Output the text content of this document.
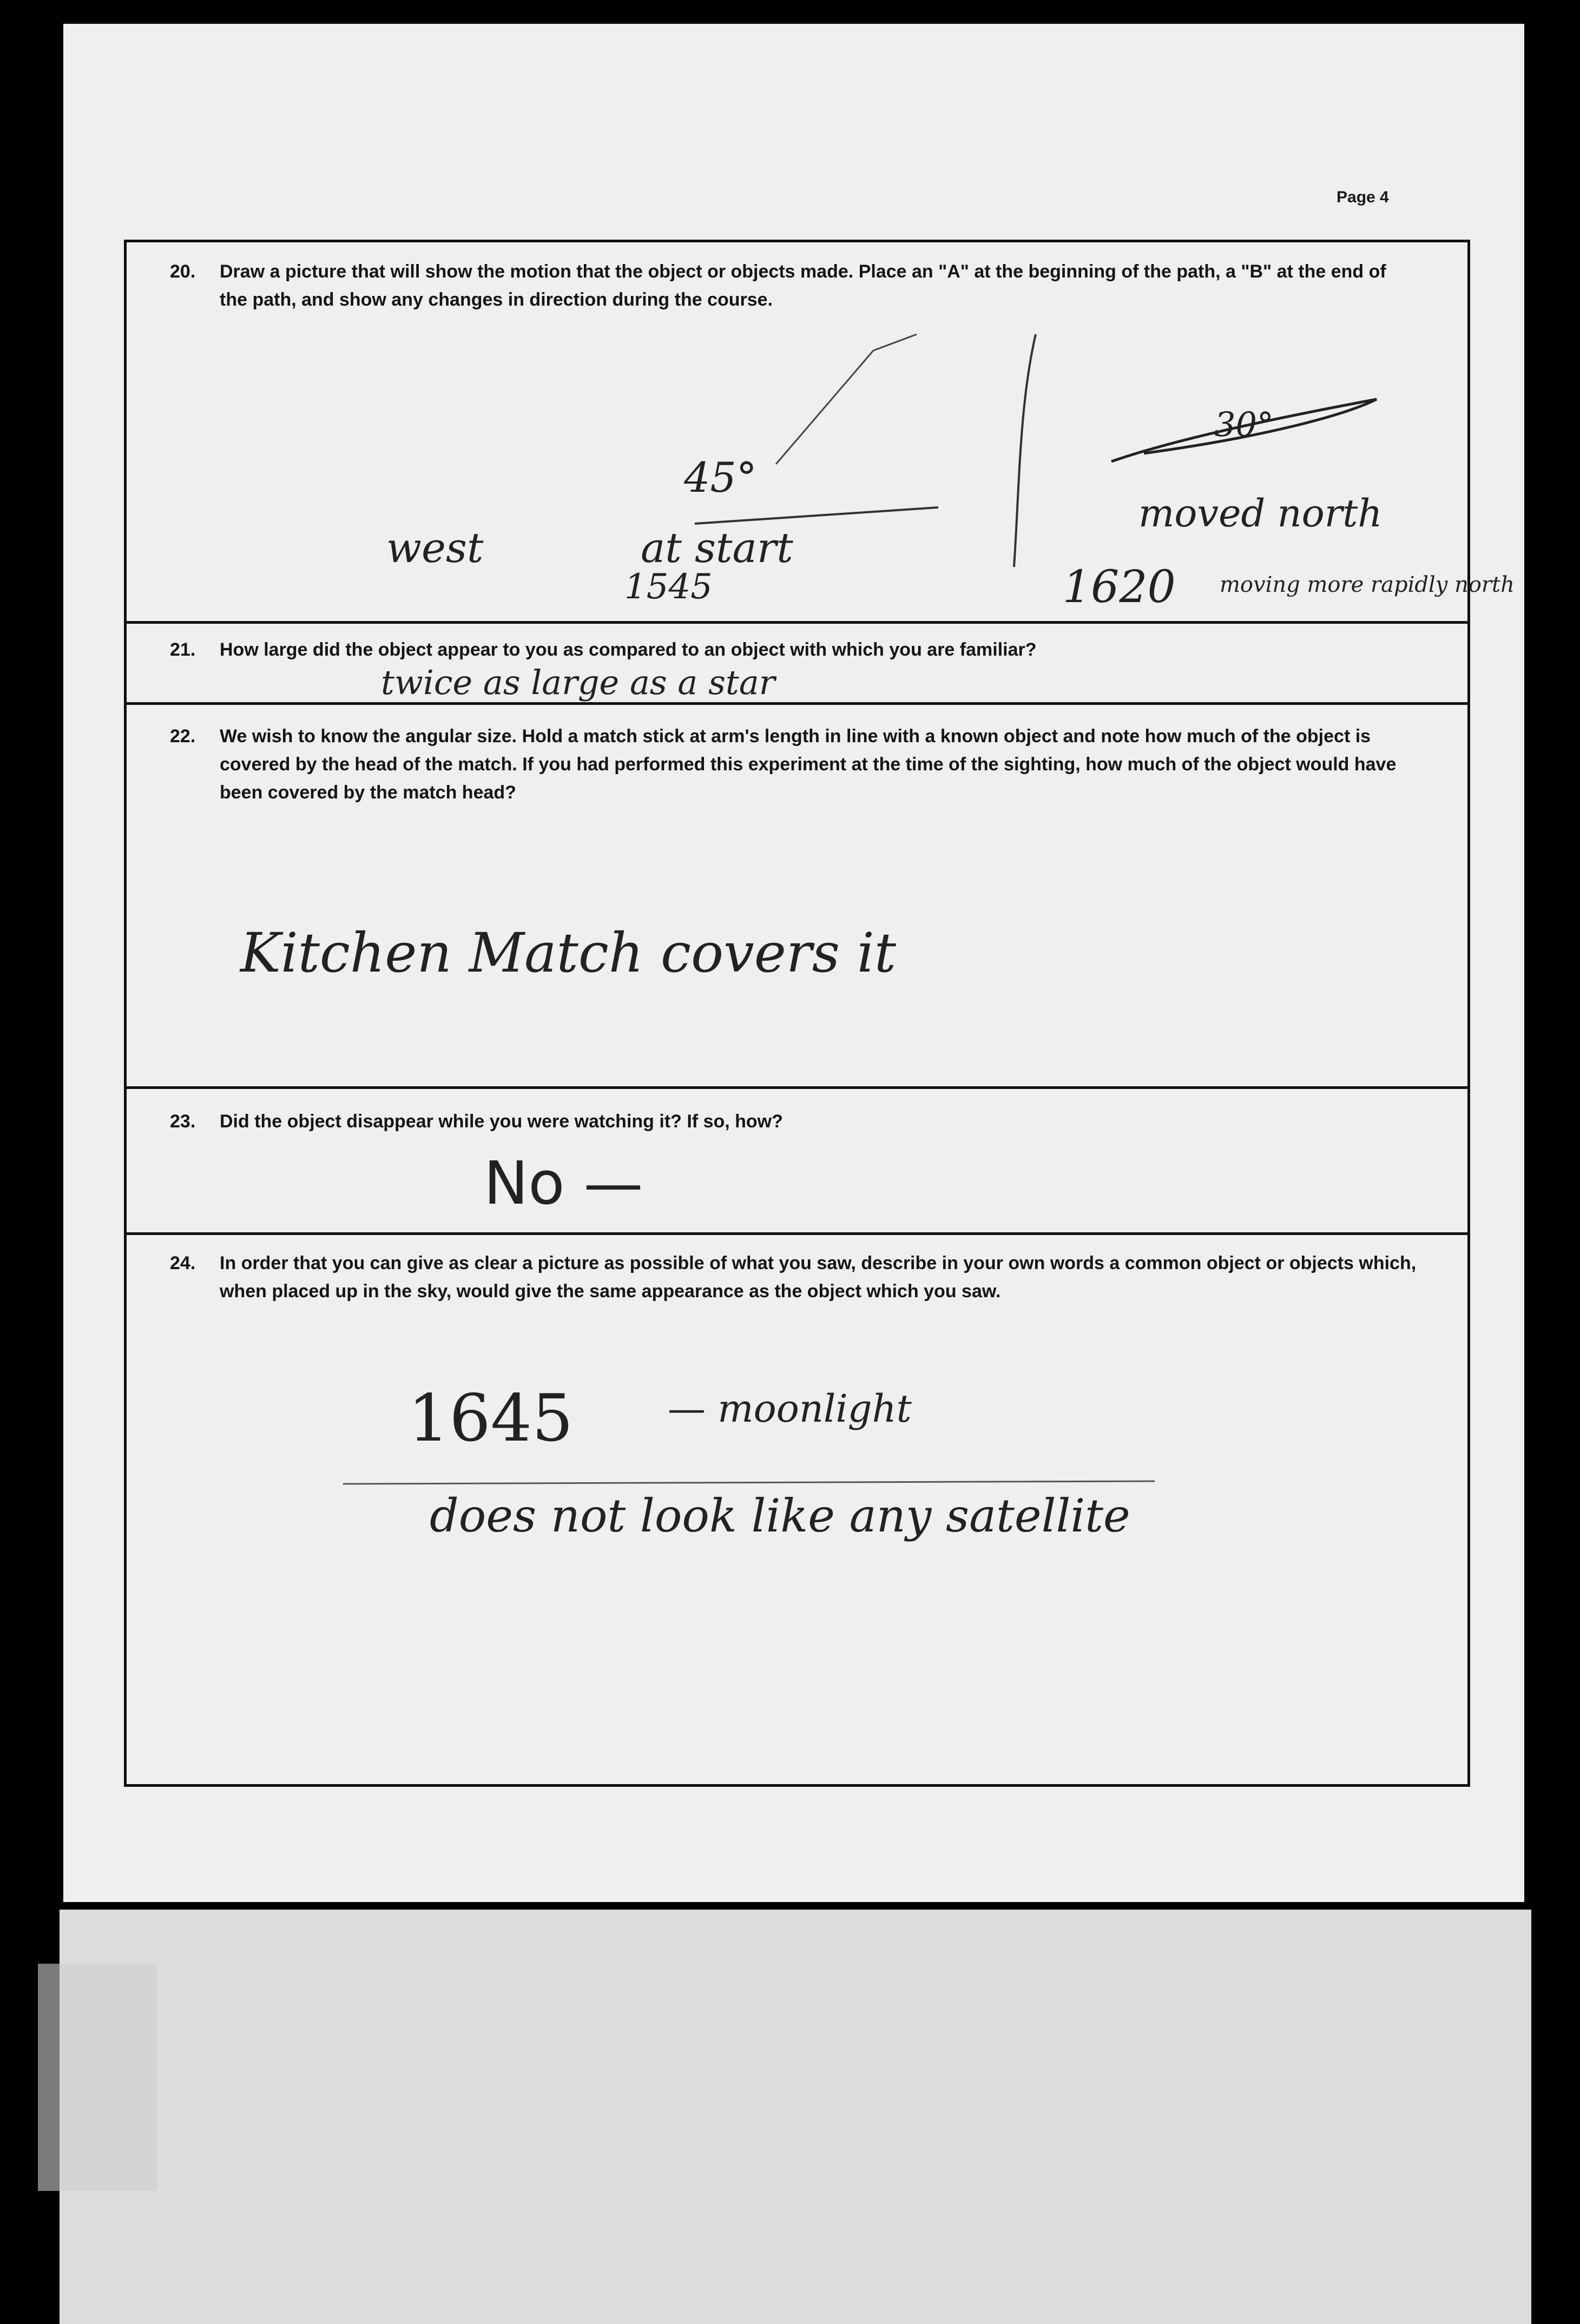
Page 4
20. Draw a picture that will show the motion that the object or objects made. Place an "A" at the beginning of the path, a "B" at the end of the path, and show any changes in direction during the course.
west
45°
at start
1545
30°
moved north
1620 moving more rapidly north
21. How large did the object appear to you as compared to an object with which you are familiar?
twice as large as a star
22. We wish to know the angular size. Hold a match stick at arm's length in line with a known object and note how much of the object is covered by the head of the match. If you had performed this experiment at the time of the sighting, how much of the object would have been covered by the match head?
Kitchen Match covers it
23. Did the object disappear while you were watching it? If so, how?
No —
24. In order that you can give as clear a picture as possible of what you saw, describe in your own words a common object or objects which, when placed up in the sky, would give the same appearance as the object which you saw.
1645 — moonlight
does not look like any satellite
